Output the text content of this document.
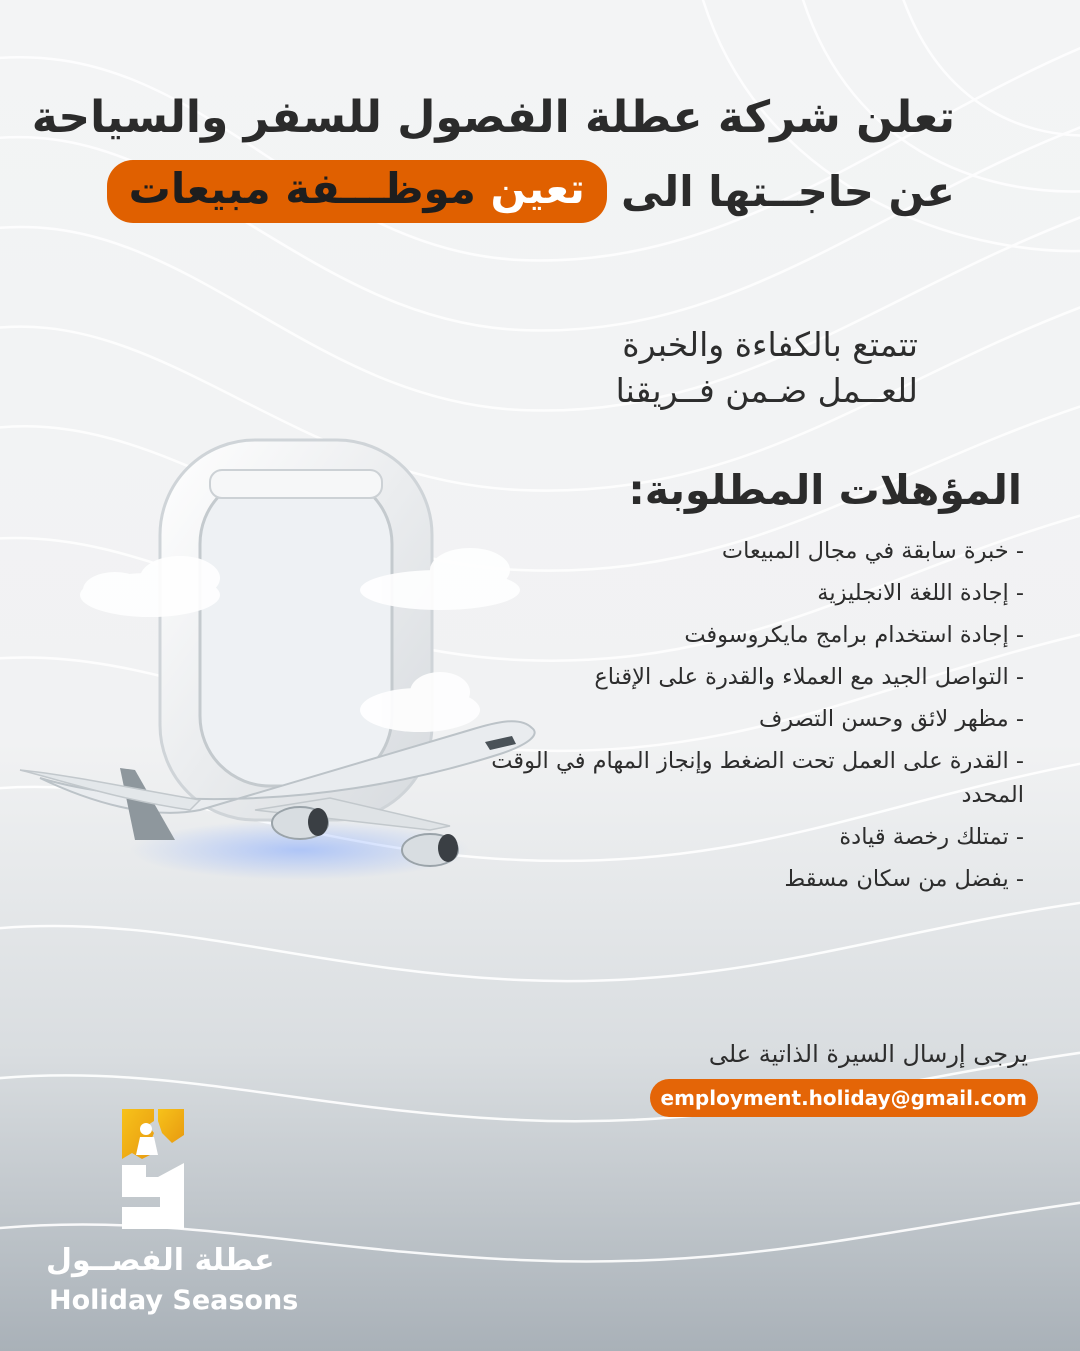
تعلن شركة عطلة الفصول للسفر والسياحة
عن حاجــتها الى
تعين موظـــفة مبيعات
تتمتع بالكفاءة والخبرة
للعــمل ضـمن فــريقنا
المؤهلات المطلوبة:
- خبرة سابقة في مجال المبيعات
- إجادة اللغة الانجليزية
- إجادة استخدام برامج مايكروسوفت
- التواصل الجيد مع العملاء والقدرة على الإقناع
- مظهر لائق وحسن التصرف
- القدرة على العمل تحت الضغط وإنجاز المهام في الوقت المحدد
- تمتلك رخصة قيادة
- يفضل من سكان مسقط
يرجى إرسال السيرة الذاتية على
employment.holiday@gmail.com
عطلة الفصــول
Holiday Seasons
